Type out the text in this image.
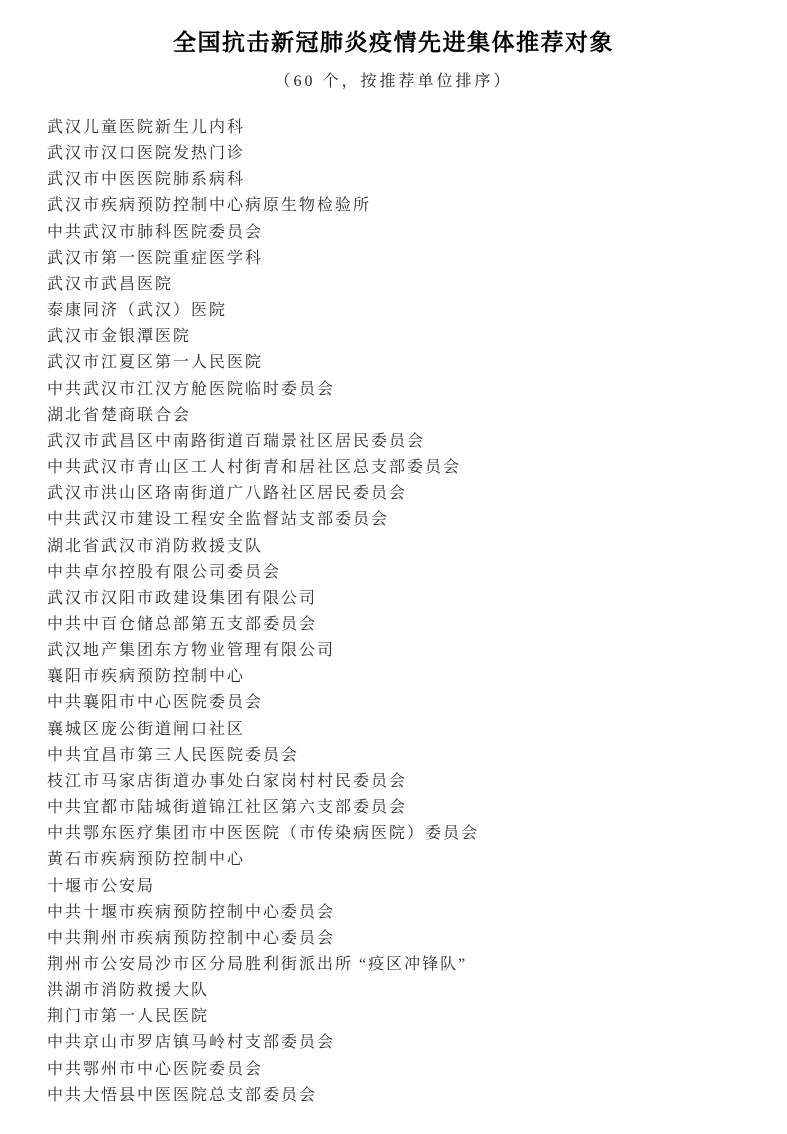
全国抗击新冠肺炎疫情先进集体推荐对象

（60 个，按推荐单位排序）

武汉儿童医院新生儿内科
武汉市汉口医院发热门诊
武汉市中医医院肺系病科
武汉市疾病预防控制中心病原生物检验所
中共武汉市肺科医院委员会
武汉市第一医院重症医学科
武汉市武昌医院
泰康同济（武汉）医院
武汉市金银潭医院
武汉市江夏区第一人民医院
中共武汉市江汉方舱医院临时委员会
湖北省楚商联合会
武汉市武昌区中南路街道百瑞景社区居民委员会
中共武汉市青山区工人村街青和居社区总支部委员会
武汉市洪山区珞南街道广八路社区居民委员会
中共武汉市建设工程安全监督站支部委员会
湖北省武汉市消防救援支队
中共卓尔控股有限公司委员会
武汉市汉阳市政建设集团有限公司
中共中百仓储总部第五支部委员会
武汉地产集团东方物业管理有限公司
襄阳市疾病预防控制中心
中共襄阳市中心医院委员会
襄城区庞公街道闸口社区
中共宜昌市第三人民医院委员会
枝江市马家店街道办事处白家岗村村民委员会
中共宜都市陆城街道锦江社区第六支部委员会
中共鄂东医疗集团市中医医院（市传染病医院）委员会
黄石市疾病预防控制中心
十堰市公安局
中共十堰市疾病预防控制中心委员会
中共荆州市疾病预防控制中心委员会
荆州市公安局沙市区分局胜利街派出所 “疫区冲锋队”
洪湖市消防救援大队
荆门市第一人民医院
中共京山市罗店镇马岭村支部委员会
中共鄂州市中心医院委员会
中共大悟县中医医院总支部委员会
